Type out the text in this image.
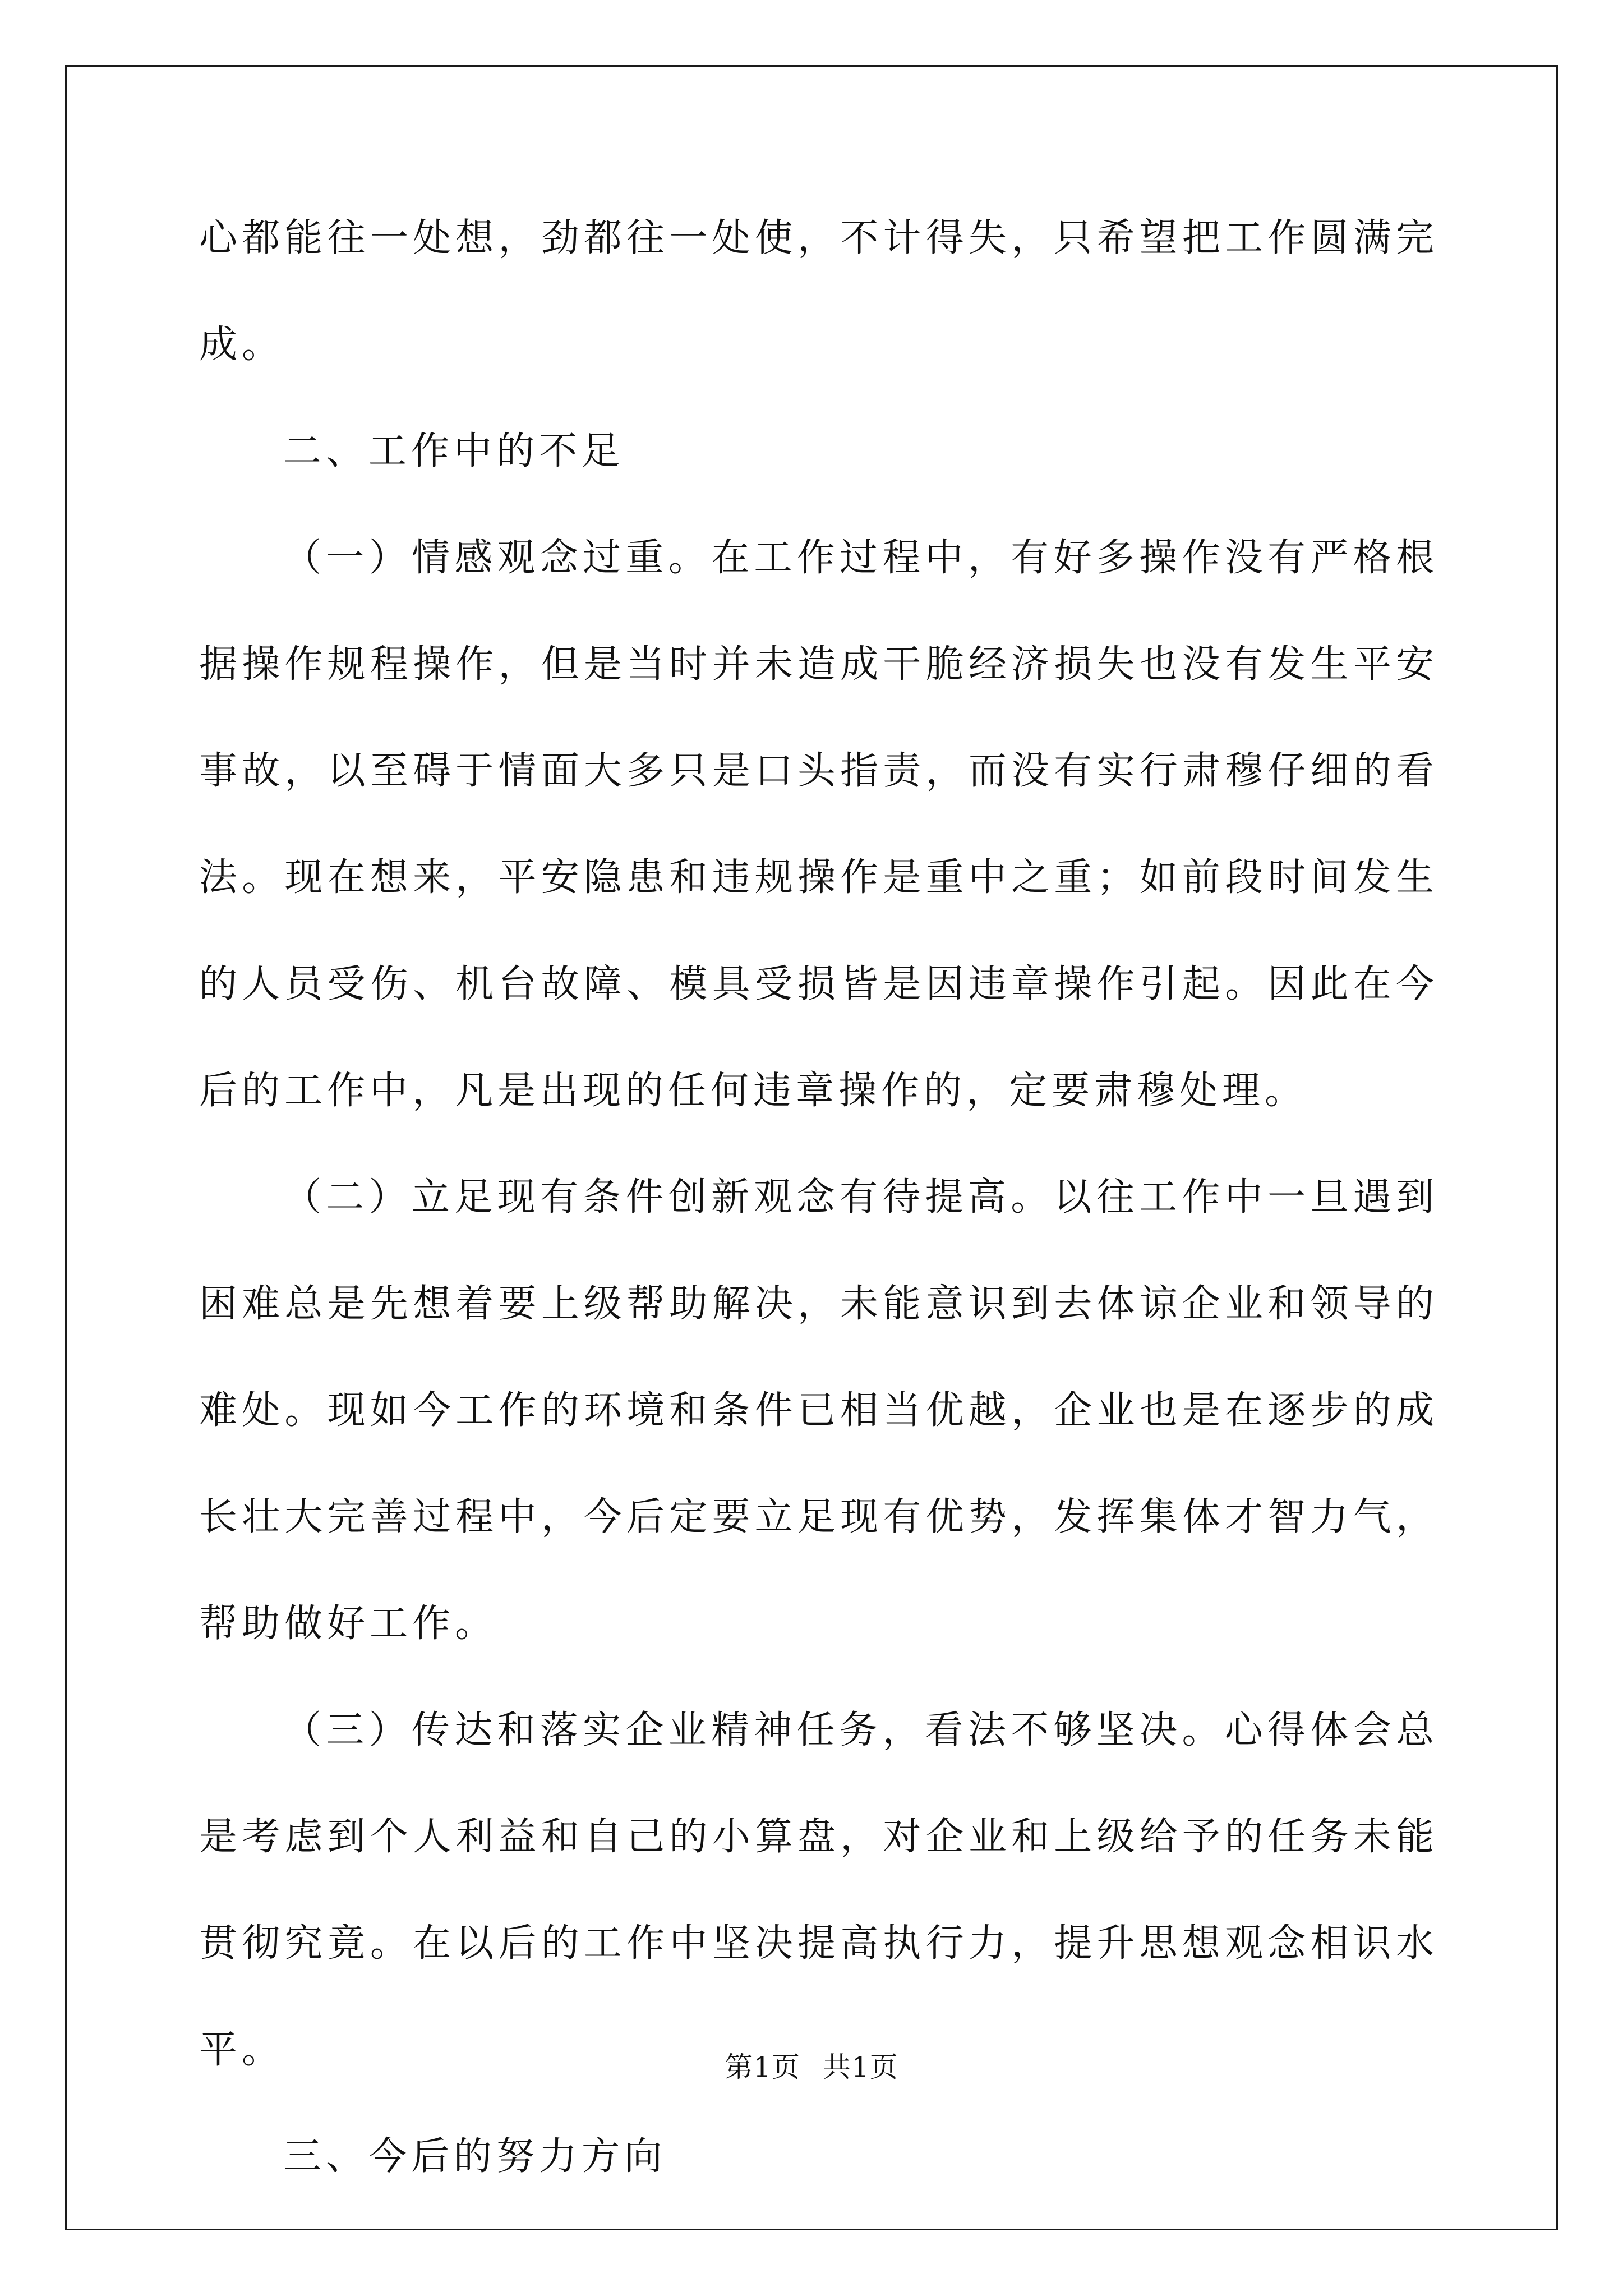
心都能往一处想，劲都往一处使，不计得失，只希望把工作圆满完成。

二、工作中的不足

（一）情感观念过重。在工作过程中，有好多操作没有严格根据操作规程操作，但是当时并未造成干脆经济损失也没有发生平安事故，以至碍于情面大多只是口头指责，而没有实行肃穆仔细的看法。现在想来，平安隐患和违规操作是重中之重；如前段时间发生的人员受伤、机台故障、模具受损皆是因违章操作引起。因此在今后的工作中，凡是出现的任何违章操作的，定要肃穆处理。

（二）立足现有条件创新观念有待提高。以往工作中一旦遇到困难总是先想着要上级帮助解决，未能意识到去体谅企业和领导的难处。现如今工作的环境和条件已相当优越，企业也是在逐步的成长壮大完善过程中，今后定要立足现有优势，发挥集体才智力气，帮助做好工作。

（三）传达和落实企业精神任务，看法不够坚决。心得体会总是考虑到个人利益和自己的小算盘，对企业和上级给予的任务未能贯彻究竟。在以后的工作中坚决提高执行力，提升思想观念相识水平。

三、今后的努力方向

第1页 共1页
